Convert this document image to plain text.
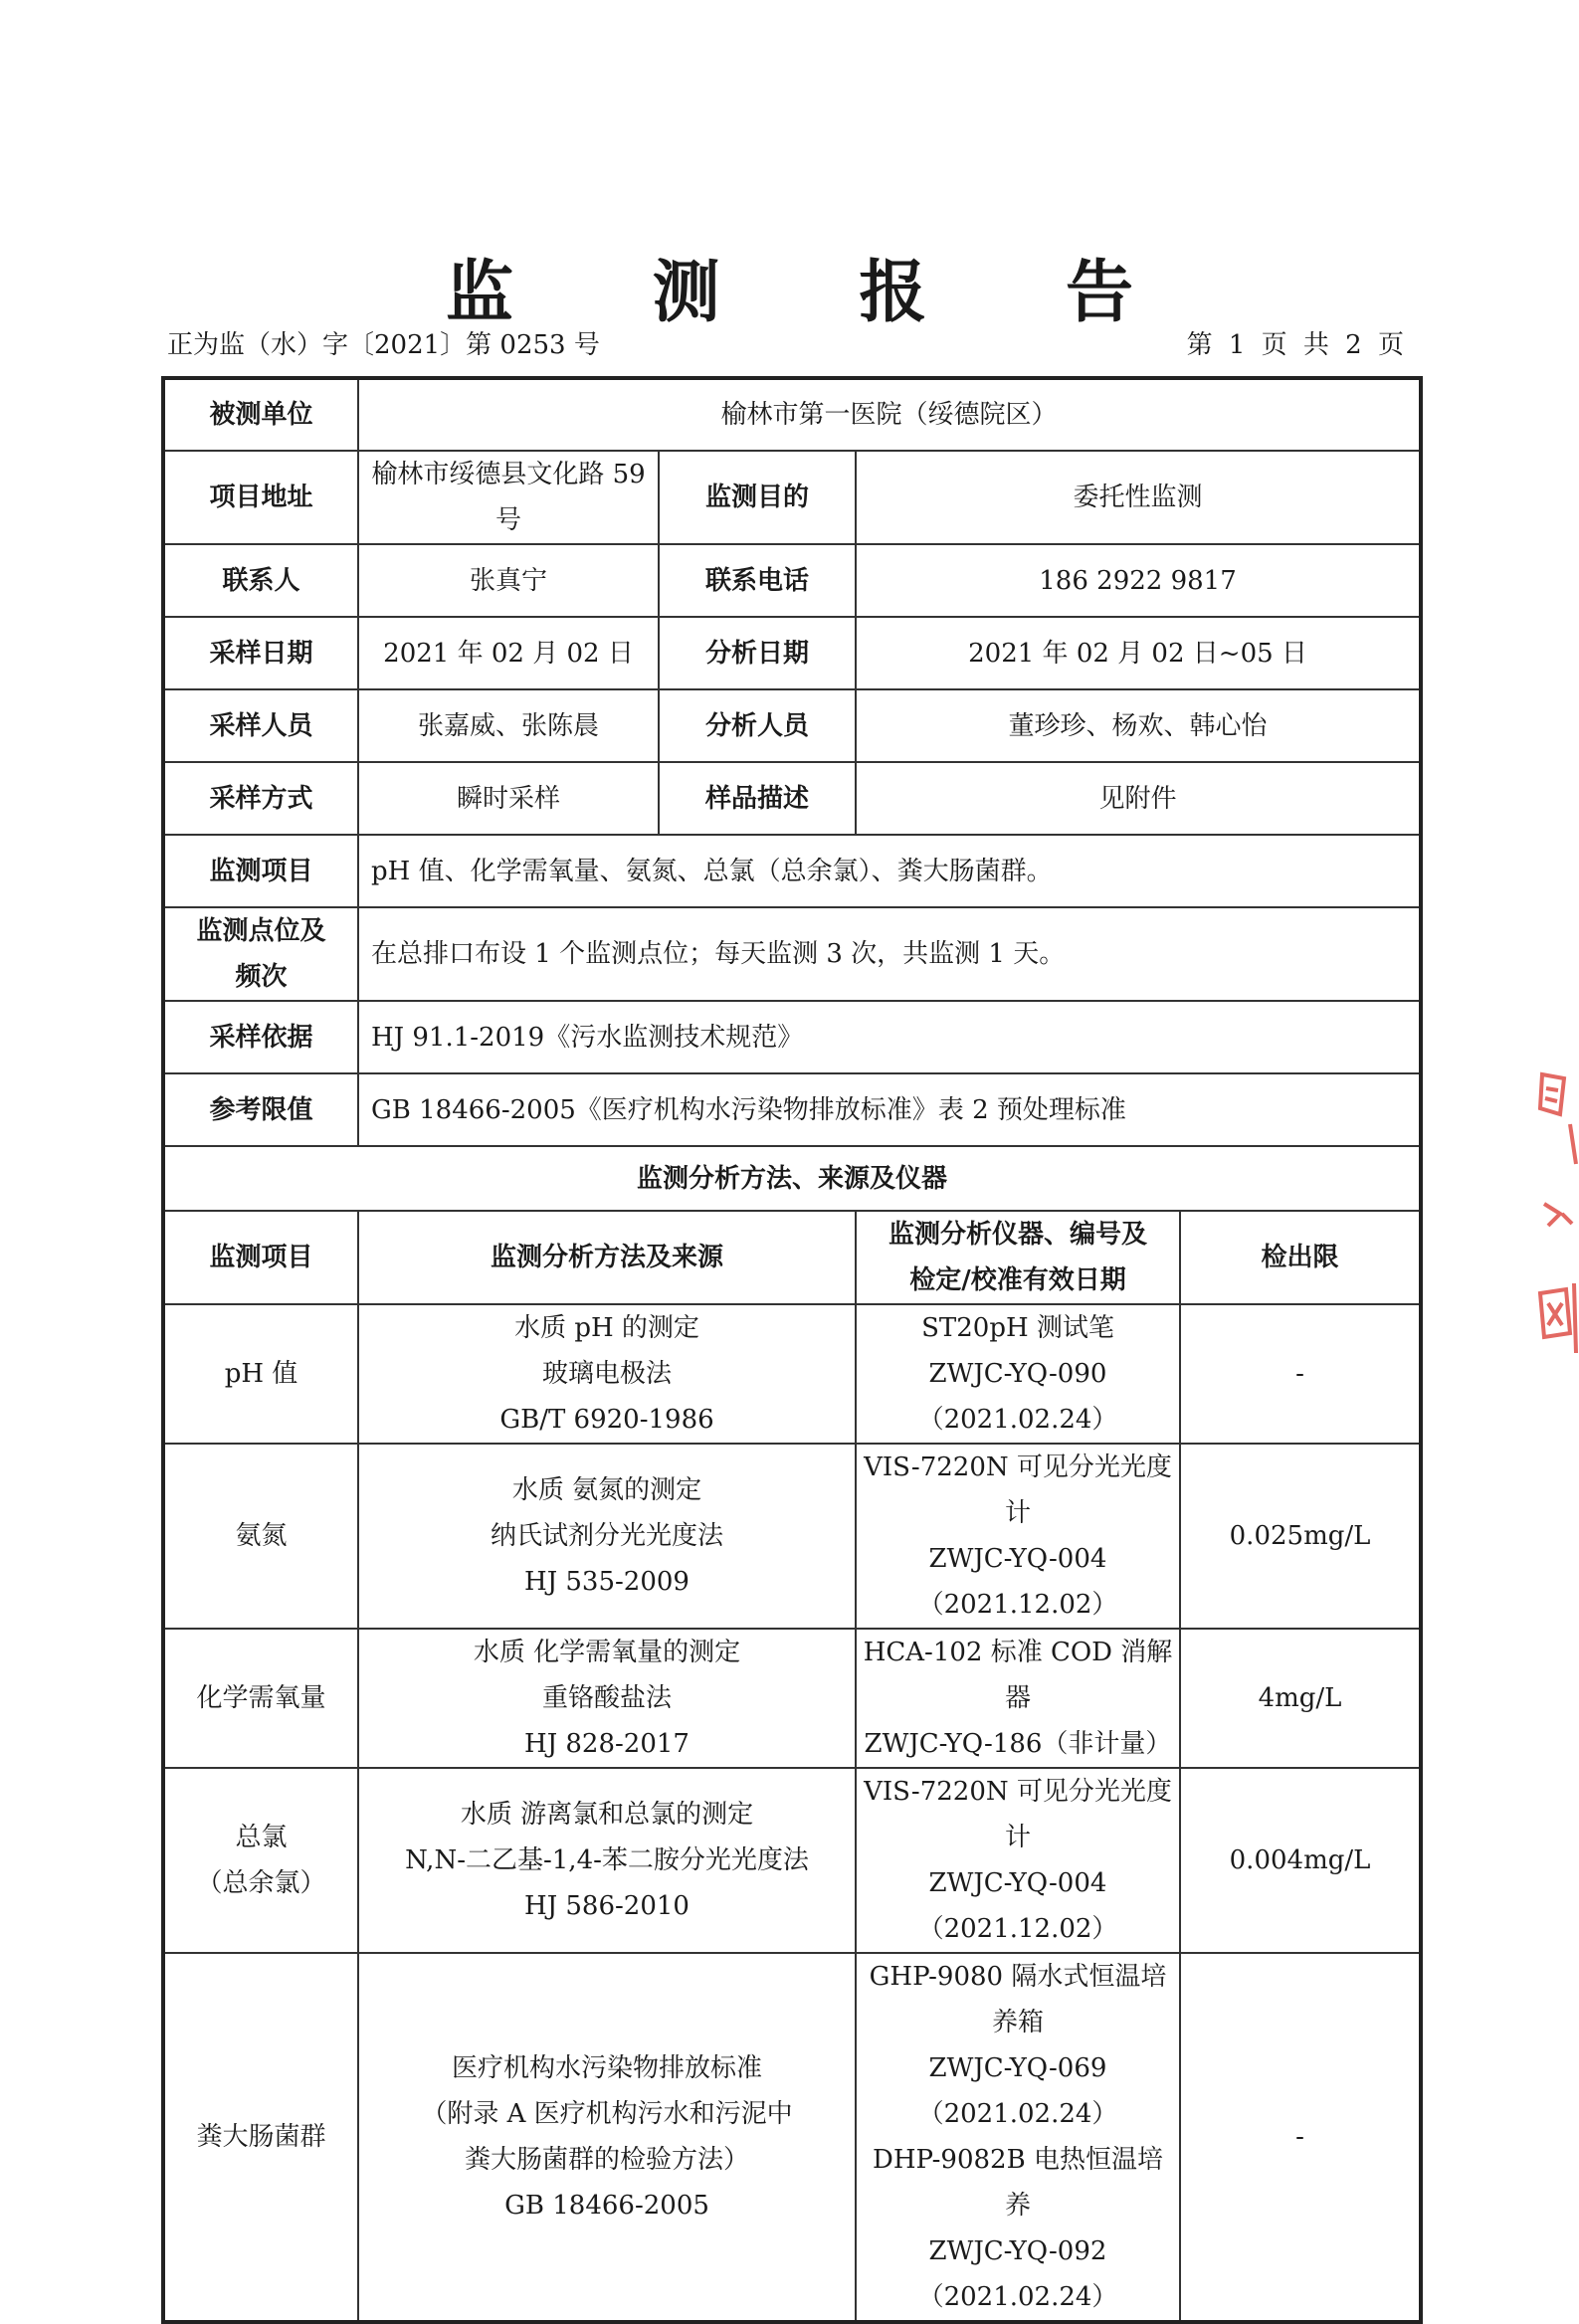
监 测 报 告
正为监（水）字〔2021〕第 0253 号	第 1 页 共 2 页
被测单位	榆林市第一医院（绥德院区）			
项目地址	榆林市绥德县文化路 59 号	监测目的	委托性监测	
联系人	张真宁	联系电话	186 2922 9817	
采样日期	2021 年 02 月 02 日	分析日期	2021 年 02 月 02 日~05 日	
采样人员	张嘉威、张陈晨	分析人员	董珍珍、杨欢、韩心怡	
采样方式	瞬时采样	样品描述	见附件	
监测项目	pH 值、化学需氧量、氨氮、总氯（总余氯）、粪大肠菌群。			

监测点位及
频次	在总排口布设 1 个监测点位；每天监测 3 次，共监测 1 天。			
采样依据	HJ 91.1-2019《污水监测技术规范》			
参考限值	GB 18466-2005《医疗机构水污染物排放标准》表 2 预处理标准			
监测分析方法、来源及仪器				
监测项目	监测分析方法及来源		监测分析仪器、编号及
检定/校准有效日期	检出限

pH 值	水质 pH 的测定
玻璃电极法
GB/T 6920-1986		ST20pH 测试笔
ZWJC-YQ-090（2021.02.24）	-

氨氮	水质 氨氮的测定
纳氏试剂分光光度法
HJ 535-2009		VIS-7220N 可见分光光度计
ZWJC-YQ-004（2021.12.02）	0.025mg/L

化学需氧量	水质 化学需氧量的测定
重铬酸盐法
HJ 828-2017		HCA-102 标准 COD 消解器
ZWJC-YQ-186（非计量）	4mg/L

总氯
（总余氯）	水质 游离氯和总氯的测定
N,N-二乙基-1,4-苯二胺分光光度法
HJ 586-2010		VIS-7220N 可见分光光度计
ZWJC-YQ-004（2021.12.02）	0.004mg/L

粪大肠菌群	医疗机构水污染物排放标准
（附录 A 医疗机构污水和污泥中
粪大肠菌群的检验方法）
GB 18466-2005		GHP-9080 隔水式恒温培养箱
ZWJC-YQ-069（2021.02.24）
DHP-9082B 电热恒温培养
ZWJC-YQ-092（2021.02.24）	-
